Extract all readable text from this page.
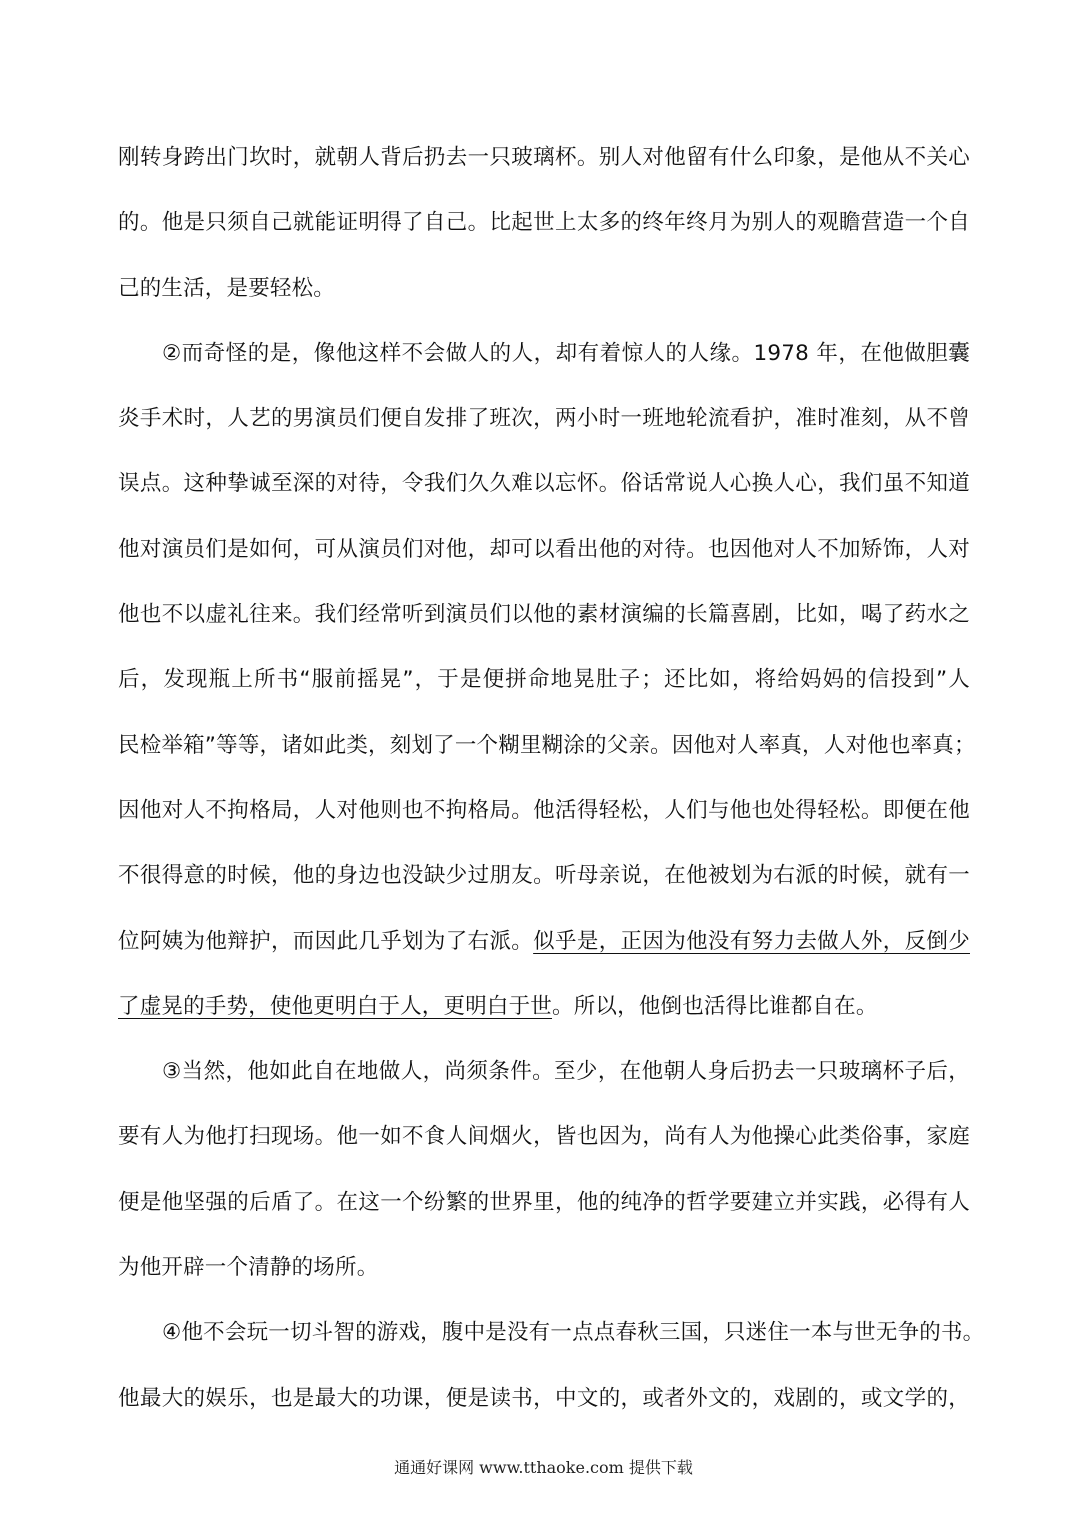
刚转身跨出门坎时，就朝人背后扔去一只玻璃杯。别人对他留有什么印象，是他从不关心
的。他是只须自己就能证明得了自己。比起世上太多的终年终月为别人的观瞻营造一个自
己的生活，是要轻松。
②而奇怪的是，像他这样不会做人的人，却有着惊人的人缘。1978 年，在他做胆囊
炎手术时，人艺的男演员们便自发排了班次，两小时一班地轮流看护，准时准刻，从不曾
误点。这种挚诚至深的对待，令我们久久难以忘怀。俗话常说人心换人心，我们虽不知道
他对演员们是如何，可从演员们对他，却可以看出他的对待。也因他对人不加矫饰，人对
他也不以虚礼往来。我们经常听到演员们以他的素材演编的长篇喜剧，比如，喝了药水之
后，发现瓶上所书“服前摇晃”，于是便拼命地晃肚子；还比如，将给妈妈的信投到”人
民检举箱”等等，诸如此类，刻划了一个糊里糊涂的父亲。因他对人率真，人对他也率真；
因他对人不拘格局，人对他则也不拘格局。他活得轻松，人们与他也处得轻松。即便在他
不很得意的时候，他的身边也没缺少过朋友。听母亲说，在他被划为右派的时候，就有一
位阿姨为他辩护，而因此几乎划为了右派。似乎是，正因为他没有努力去做人外，反倒少
了虚晃的手势，使他更明白于人，更明白于世。所以，他倒也活得比谁都自在。
③当然，他如此自在地做人，尚须条件。至少，在他朝人身后扔去一只玻璃杯子后，
要有人为他打扫现场。他一如不食人间烟火，皆也因为，尚有人为他操心此类俗事，家庭
便是他坚强的后盾了。在这一个纷繁的世界里，他的纯净的哲学要建立并实践，必得有人
为他开辟一个清静的场所。
④他不会玩一切斗智的游戏，腹中是没有一点点春秋三国，只迷住一本与世无争的书。
他最大的娱乐，也是最大的功课，便是读书，中文的，或者外文的，戏剧的，或文学的，
通通好课网 www.tthaoke.com 提供下载
